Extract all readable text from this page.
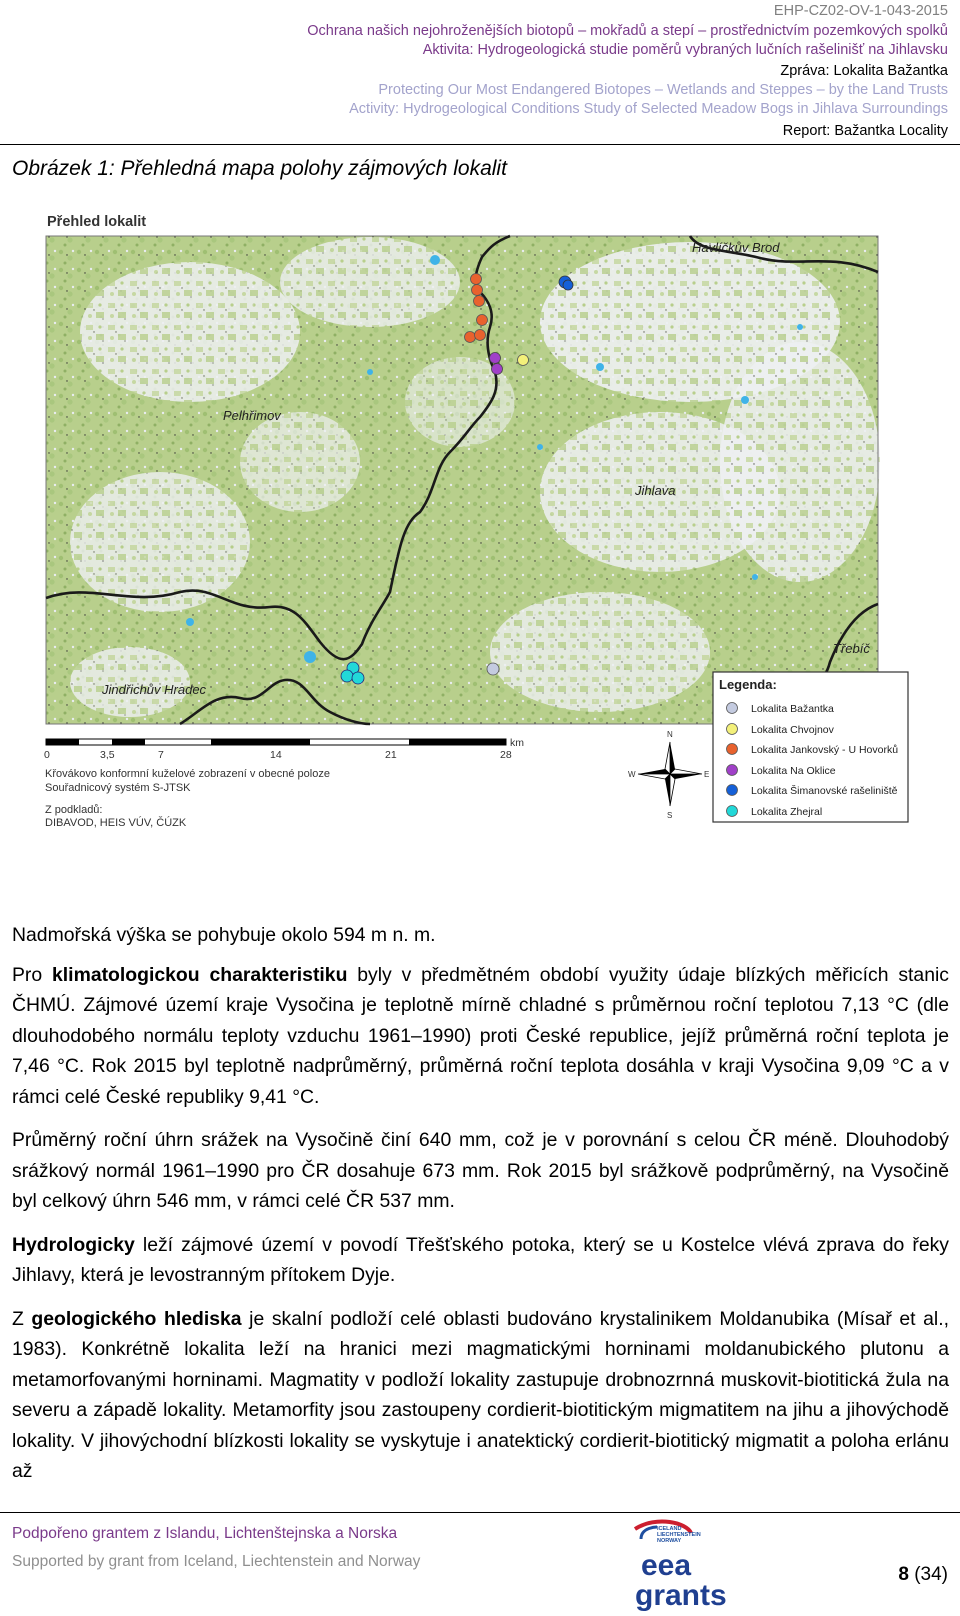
EHP-CZ02-OV-1-043-2015
Ochrana našich nejohroženějších biotopů – mokřadů a stepí – prostřednictvím pozemkových spolků
Aktivita: Hydrogeologická studie poměrů vybraných lučních rašelinišť na Jihlavsku
Zpráva: Lokalita Bažantka
Protecting Our Most Endangered Biotopes – Wetlands and Steppes – by the Land Trusts
Activity: Hydrogeological Conditions Study of Selected Meadow Bogs in Jihlava Surroundings
Report: Bažantka Locality
Obrázek 1: Přehledná mapa polohy zájmových lokalit
Přehled lokalit
Havlíčkův Brod
Pelhřimov
Jihlava
Třebíč
Jindřichův Hradec
0	3,5	7	14	21	28
km
Křovákovo konformní kuželové zobrazení v obecné poloze
Souřadnicový systém S-JTSK
Z podkladů:
DIBAVOD, HEIS VÚV, ČÚZK
N
S
E
W
Legenda:
Lokalita Bažantka
Lokalita Chvojnov
Lokalita Jankovský - U Hovorků
Lokalita Na Oklice
Lokalita Šimanovské rašeliniště
Lokalita Zhejral

Nadmořská výška se pohybuje okolo 594 m n. m.

Pro klimatologickou charakteristiku byly v předmětném období využity údaje blízkých měřicích stanic ČHMÚ. Zájmové území kraje Vysočina je teplotně mírně chladné s průměrnou roční teplotou 7,13 °C (dle dlouhodobého normálu teploty vzduchu 1961–1990) proti České republice, jejíž průměrná roční teplota je 7,46 °C. Rok 2015 byl teplotně nadprůměrný, průměrná roční teplota dosáhla v kraji Vysočina 9,09 °C a v rámci celé České republiky 9,41 °C.

Průměrný roční úhrn srážek na Vysočině činí 640 mm, což je v porovnání s celou ČR méně. Dlouhodobý srážkový normál 1961–1990 pro ČR dosahuje 673 mm. Rok 2015 byl srážkově podprůměrný, na Vysočině byl celkový úhrn 546 mm, v rámci celé ČR 537 mm.

Hydrologicky leží zájmové území v povodí Třešťského potoka, který se u Kostelce vlévá zprava do řeky Jihlavy, která je levostranným přítokem Dyje.

Z geologického hlediska je skalní podloží celé oblasti budováno krystalinikem Moldanubika (Mísař et al., 1983). Konkrétně lokalita leží na hranici mezi magmatickými horninami moldanubického plutonu a metamorfovanými horninami. Magmatity v podloží lokality zastupuje drobnozrnná muskovit-biotitická žula na severu a západě lokality. Metamorfity jsou zastoupeny cordierit-biotitickým migmatitem na jihu a jihovýchodě lokality. V jihovýchodní blízkosti lokality se vyskytuje i anatektický cordierit-biotitický migmatit a poloha erlánu až

Podpořeno grantem z Islandu, Lichtenštejnska a Norska
Supported by grant from Iceland, Liechtenstein and Norway
ICELAND
LIECHTENSTEIN
NORWAY
eea
grants
8 (34)
